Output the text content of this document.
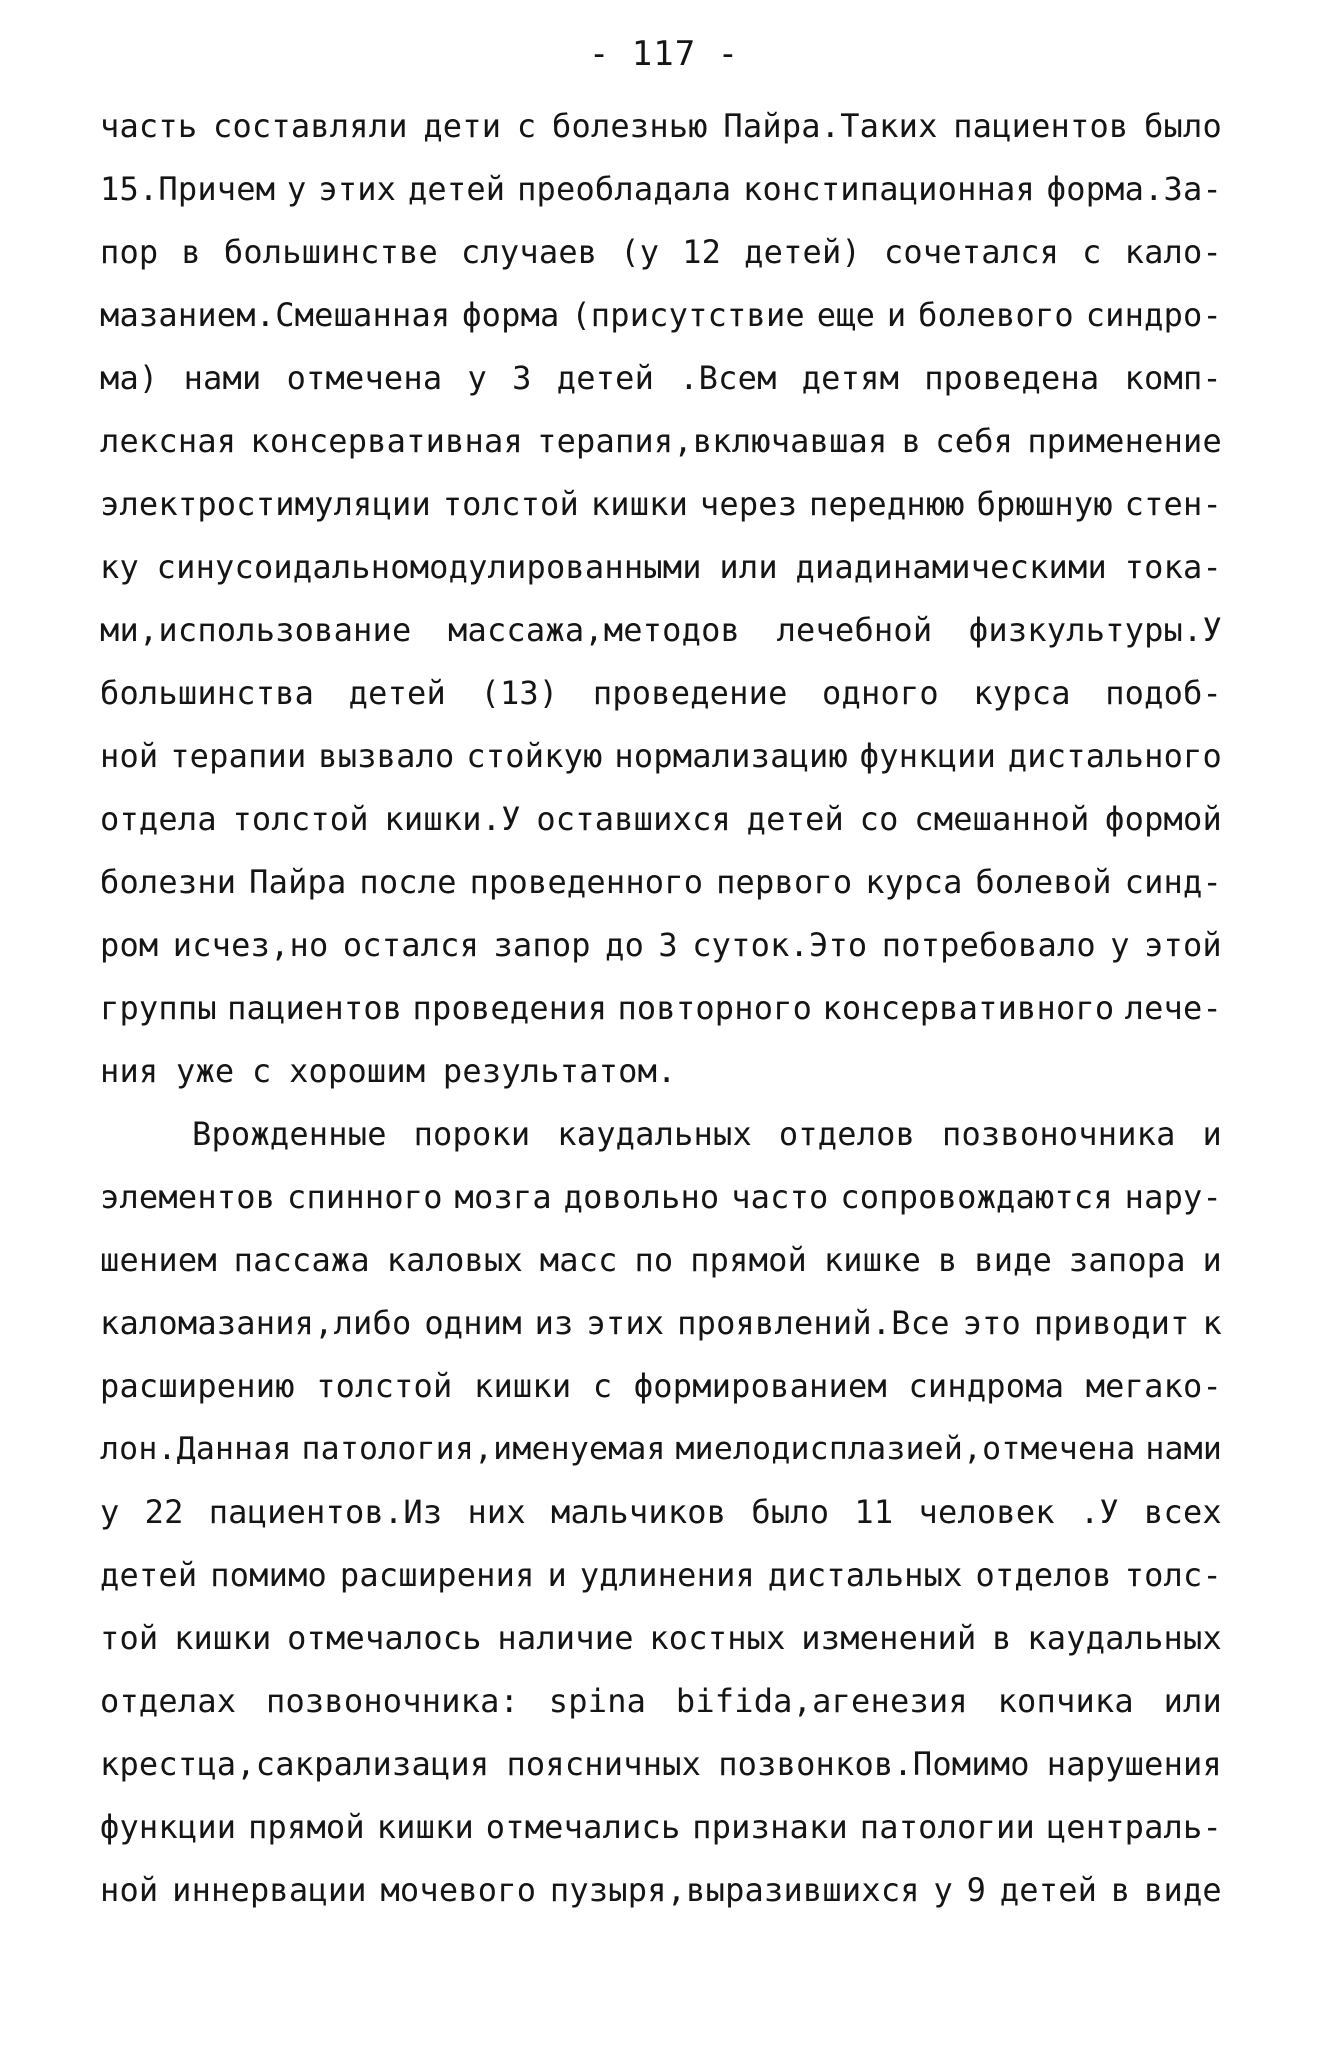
- 117 -
часть составляли дети с болезнью Пайра.Таких пациентов было
15.Причем у этих детей преобладала констипационная форма.За-
пор в большинстве случаев (у 12 детей) сочетался с кало-
мазанием.Смешанная форма (присутствие еще и болевого синдро-
ма) нами отмечена у 3 детей .Всем детям проведена комп-
лексная консервативная терапия,включавшая в себя применение
электростимуляции толстой кишки через переднюю брюшную стен-
ку синусоидальномодулированными или диадинамическими тока-
ми,использование массажа,методов лечебной физкультуры.У
большинства детей (13) проведение одного курса подоб-
ной терапии вызвало стойкую нормализацию функции дистального
отдела толстой кишки.У оставшихся детей со смешанной формой
болезни Пайра после проведенного первого курса болевой синд-
ром исчез,но остался запор до 3 суток.Это потребовало у этой
группы пациентов проведения повторного консервативного лече-
ния уже с хорошим результатом.
Врожденные пороки каудальных отделов позвоночника и
элементов спинного мозга довольно часто сопровождаются нару-
шением пассажа каловых масс по прямой кишке в виде запора и
каломазания,либо одним из этих проявлений.Все это приводит к
расширению толстой кишки с формированием синдрома мегако-
лон.Данная патология,именуемая миелодисплазией,отмечена нами
у 22 пациентов.Из них мальчиков было 11 человек .У всех
детей помимо расширения и удлинения дистальных отделов толс-
той кишки отмечалось наличие костных изменений в каудальных
отделах позвоночника: spina bifida,агенезия копчика или
крестца,сакрализация поясничных позвонков.Помимо нарушения
функции прямой кишки отмечались признаки патологии централь-
ной иннервации мочевого пузыря,выразившихся у 9 детей в виде
